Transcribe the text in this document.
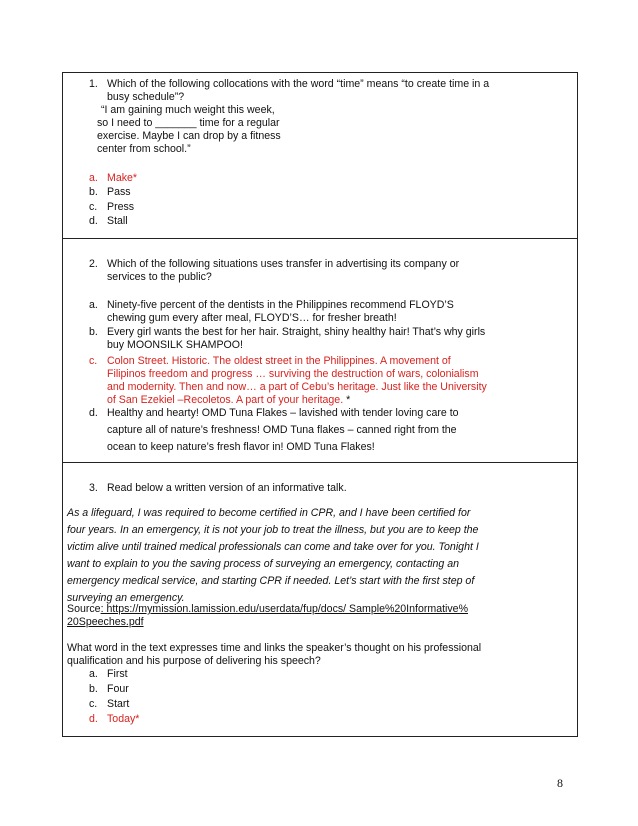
1. Which of the following collocations with the word “time” means “to create time in a
busy schedule”?
“I am gaining much weight this week,
so I need to _______ time for a regular
exercise. Maybe I can drop by a fitness
center from school.”
a. Make*
b. Pass
c. Press
d. Stall
2. Which of the following situations uses transfer in advertising its company or
services to the public?
a. Ninety-five percent of the dentists in the Philippines recommend FLOYD’S
chewing gum every after meal, FLOYD’S… for fresher breath!
b. Every girl wants the best for her hair. Straight, shiny healthy hair! That’s why girls
buy MOONSILK SHAMPOO!
c. Colon Street. Historic. The oldest street in the Philippines. A movement of
Filipinos freedom and progress … surviving the destruction of wars, colonialism
and modernity. Then and now… a part of Cebu’s heritage. Just like the University
of San Ezekiel –Recoletos. A part of your heritage. *
d. Healthy and hearty! OMD Tuna Flakes – lavished with tender loving care to
capture all of nature’s freshness! OMD Tuna flakes – canned right from the
ocean to keep nature’s fresh flavor in! OMD Tuna Flakes!
3. Read below a written version of an informative talk.
As a lifeguard, I was required to become certified in CPR, and I have been certified for
four years. In an emergency, it is not your job to treat the illness, but you are to keep the
victim alive until trained medical professionals can come and take over for you. Tonight I
want to explain to you the saving process of surveying an emergency, contacting an
emergency medical service, and starting CPR if needed. Let’s start with the first step of
surveying an emergency.
Source: https://mymission.lamission.edu/userdata/fup/docs/ Sample%20Informative%
20Speeches.pdf
What word in the text expresses time and links the speaker’s thought on his professional
qualification and his purpose of delivering his speech?
a. First
b. Four
c. Start
d. Today*
8
